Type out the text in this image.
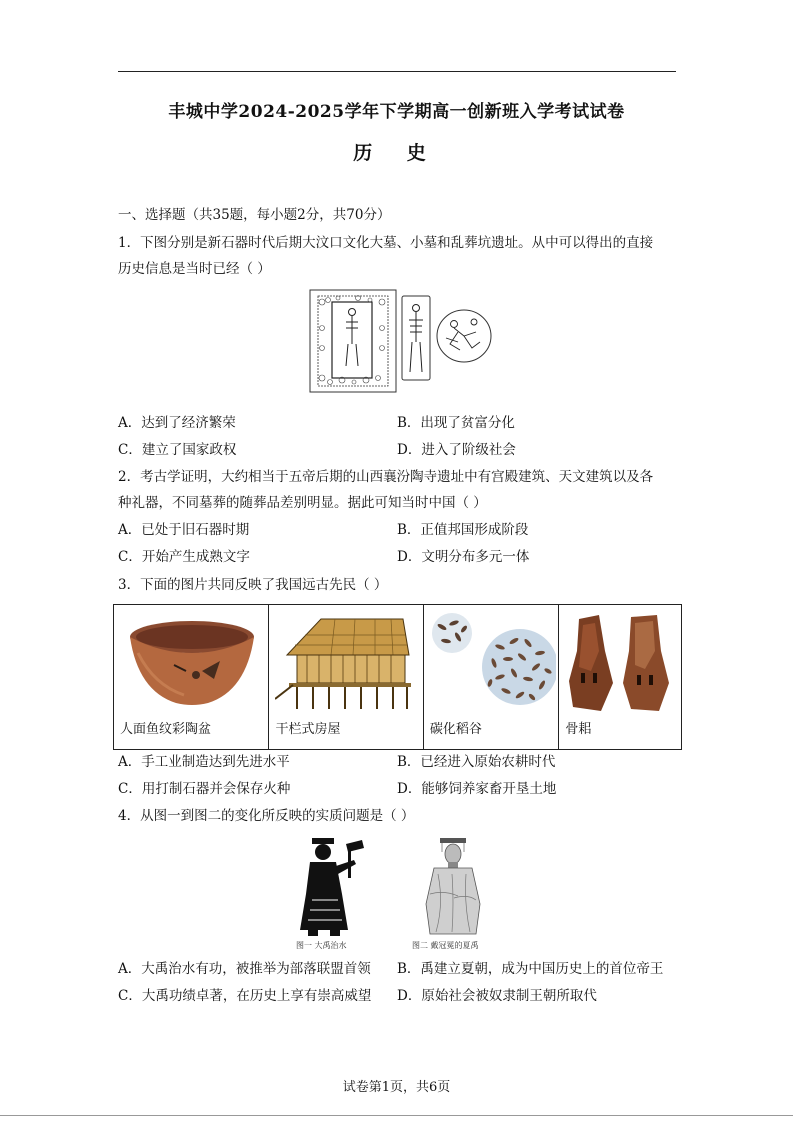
丰城中学2024-2025学年下学期高一创新班入学考试试卷
历 史
一、选择题（共35题，每小题2分，共70分）
1．下图分别是新石器时代后期大汶口文化大墓、小墓和乱葬坑遗址。从中可以得出的直接
历史信息是当时已经（ ）
A．达到了经济繁荣	B．出现了贫富分化
C．建立了国家政权	D．进入了阶级社会
2．考古学证明，大约相当于五帝后期的山西襄汾陶寺遗址中有宫殿建筑、天文建筑以及各
种礼器，不同墓葬的随葬品差别明显。据此可知当时中国（ ）
A．已处于旧石器时期	B．正值邦国形成阶段
C．开始产生成熟文字	D．文明分布多元一体
3．下面的图片共同反映了我国远古先民（ ）
人面鱼纹彩陶盆	干栏式房屋	碳化稻谷	骨耜
A．手工业制造达到先进水平	B．已经进入原始农耕时代
C．用打制石器并会保存火种	D．能够饲养家畜开垦土地
4．从图一到图二的变化所反映的实质问题是（ ）
图一 大禹治水	图二 戴冠冕的夏禹
A．大禹治水有功，被推举为部落联盟首领 B．禹建立夏朝，成为中国历史上的首位帝王
C．大禹功绩卓著，在历史上享有崇高威望 D．原始社会被奴隶制王朝所取代
试卷第1页，共6页
